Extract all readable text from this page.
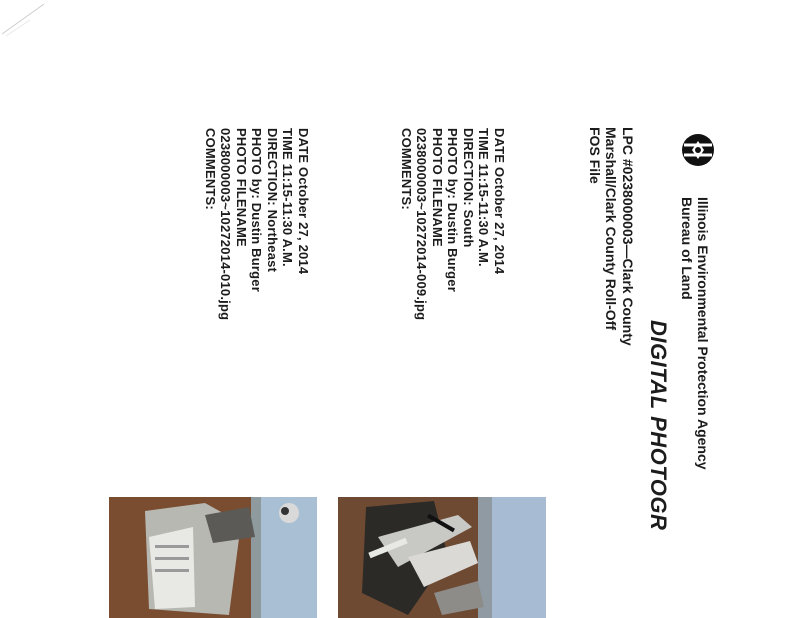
Illinois Environmental Protection Agency
Bureau of Land
DIGITAL PHOTOGR
LPC #0238000003—Clark County
Marshall/Clark County Roll-Off
FOS File
DATE October 27, 2014
TIME 11:15-11:30 A.M.
DIRECTION: South
PHOTO by: Dustin Burger
PHOTO FILENAME
0238000003~10272014-009.jpg
COMMENTS:
DATE October 27, 2014
TIME 11:15-11:30 A.M.
DIRECTION: Northeast
PHOTO by: Dustin Burger
PHOTO FILENAME
0238000003~10272014-010.jpg
COMMENTS:
